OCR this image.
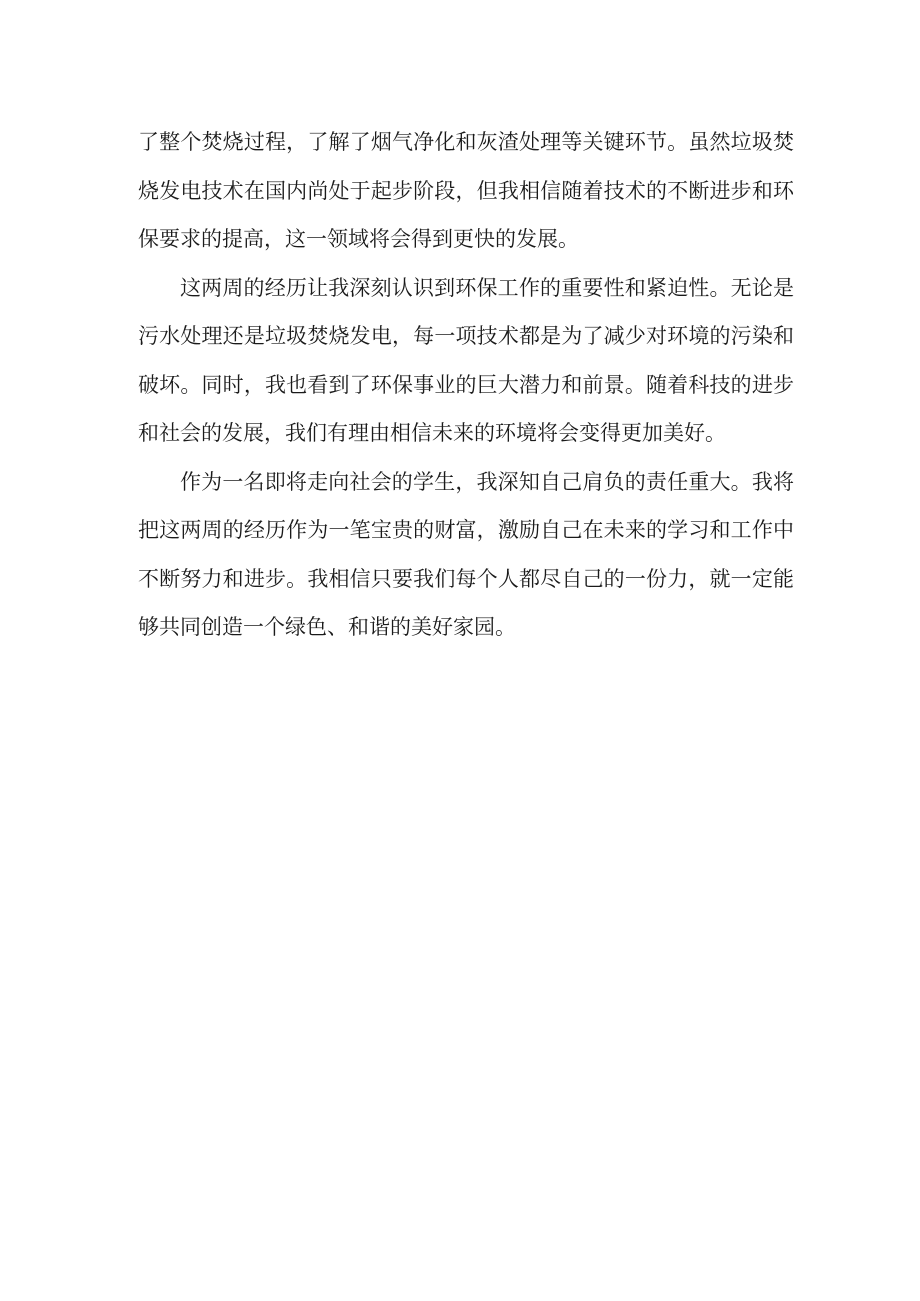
了整个焚烧过程，了解了烟气净化和灰渣处理等关键环节。虽然垃圾焚烧发电技术在国内尚处于起步阶段，但我相信随着技术的不断进步和环保要求的提高，这一领域将会得到更快的发展。

这两周的经历让我深刻认识到环保工作的重要性和紧迫性。无论是污水处理还是垃圾焚烧发电，每一项技术都是为了减少对环境的污染和破坏。同时，我也看到了环保事业的巨大潜力和前景。随着科技的进步和社会的发展，我们有理由相信未来的环境将会变得更加美好。

作为一名即将走向社会的学生，我深知自己肩负的责任重大。我将把这两周的经历作为一笔宝贵的财富，激励自己在未来的学习和工作中不断努力和进步。我相信只要我们每个人都尽自己的一份力，就一定能够共同创造一个绿色、和谐的美好家园。
